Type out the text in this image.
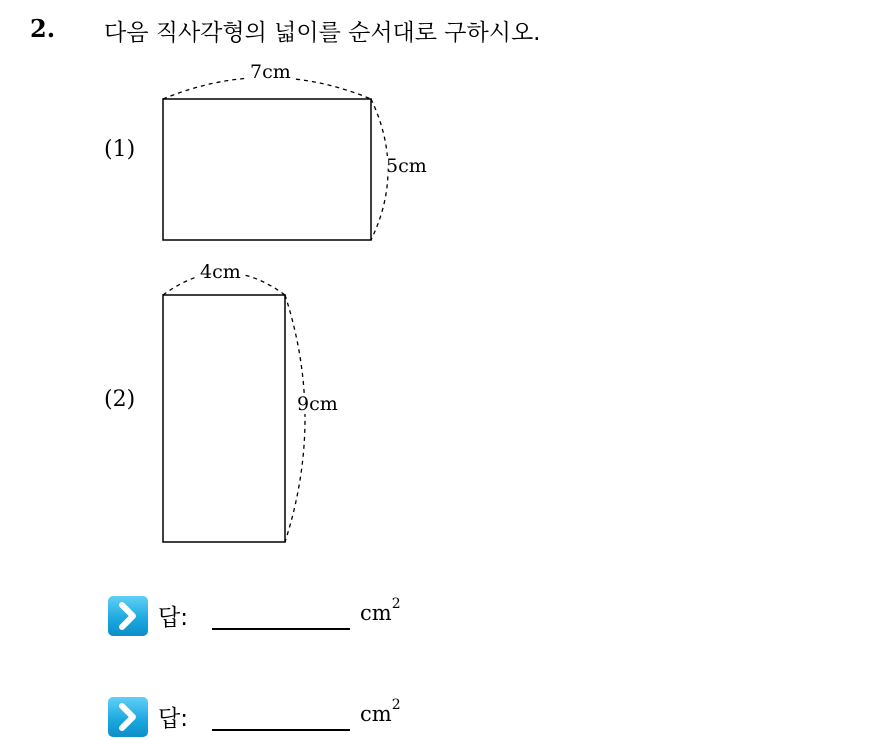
2. 다음 직사각형의 넓이를 순서대로 구하시오.
(1)
7cm
5cm
(2)
4cm
9cm
답:	$cm^2$
답:	$cm^2$
